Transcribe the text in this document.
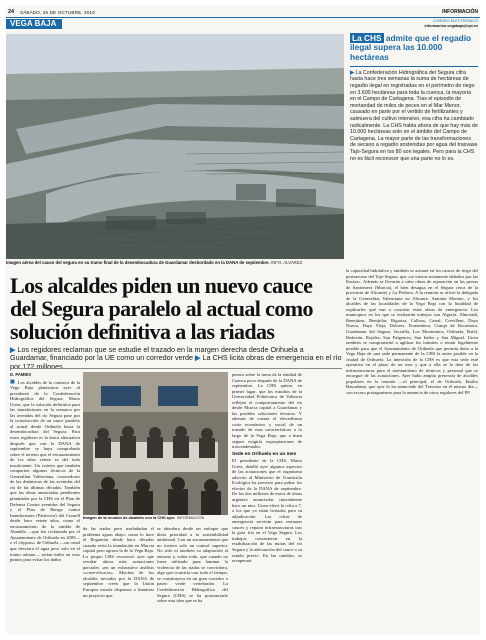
24 SÁBADO, 26 DE OCTUBRE, 2019	INFORMACIÓN
VEGA BAJA	CORREO ELECTRÓNICO
informacion.vegabaja@epi.es
Imagen aérea del cauce del segura en su tramo final de la desembocadura de Guardamar desbordado en la DANA de septiembre. INFO. ALVAREZ
La CHS admite que el regadío ilegal supera las 10.000 hectáreas
▶ La Confederación Hidrográfica del Segura cifra hasta hace tres semanas la suma de hectáreas de regadío ilegal en registradas en el perímetro de riego en 3.600 hectáreas para toda la cuenca, la mayoría en el Campo de Cartagena. Tras el episodio de mortandad de miles de peces en el Mar Menor, causado en parte por el vertido de fertilizantes y salmuera del cultivo intensivo, esa cifra ha cambiado radicalmente. La CHS habla ahora de que hay más de 10.000 hectáreas solo en el ámbito del Campo de Cartagena. La mayor parte de las transformaciones de secano a regadío sostenidas por agua del trasvase Tajo-Segura en los 80 son legales. Pero para la CHS no es fácil reconocer que una parte no lo es.
Los alcaldes piden un nuevo cauce del Segura paralelo al actual como solución definitiva a las riadas
▶ Los regidores reclaman que se estudie el trazado en la margen derecha desde Orihuela a Guardamar, financiado por la UE como un corredor verde ▶ La CHS licita obras de emergencia en el río por 172 millones
D. PAMIES
■ Los alcaldes de la comarca de la Vega Baja plantearon ayer al presidente de la Confederación Hidrográfica del Segura, Mario Urrea, que la solución definitiva para las inundaciones en la comarca por las avenidas del río Segura pase por la construcción de un cauce paralelo al actual desde Orihuela hasta la desembocadura del Segura. Para estos regidores es la única alternativa después que con la DANA de septiembre se haya comprobado sobre el terreno que el encauzamiento de los años veinte es del todo insuficiente. Un criterio que también comparten algunos técnicos de la Generalitat Valenciana, conocedores de las dinámicas de las avenidas del río de las últimas décadas. También que las obras anunciadas pendientes planteadas por la CHS en el Plan de Defensa Contra avenidas del Segura y el Plan de Riesgo contra Inundaciones (Patricova) del Consell desde hace veinte años, como el encauzamiento de la rambla de Abanilla —que fue reclamada por el Ayuntamiento de Orihuela en 2009— o el «bypass» de Orihuela —un canal que desviara el agua pero solo en el tramo urbano— serían útiles en esos puntos para evitar los daños
Imagen de la reunión de alcaldes con la CHS ayer. INFORMACIÓN
de las riadas pero trasladarían el problema aguas abajo: como lo hace el Reguerón desde hace décadas cuando evita la inundación en Murcia capital pero agrava la de la Vega Baja. Lo propio CHS reconoció ayer que resultar ahora más actuaciones parciales «en un exhaustivo análisis «coste-eficacia». Muchos de los alcaldes inviados por la DANA de septiembre creen que la Unión Europea estaría dispuesta a financiar un proyecto que
se abordara desde un enfoque que diera prioridad a la sostenibilidad ambiental. Con un encauzamiento que no tuviera solo un control superior. No sólo ni también su adaptación al entorno y, sobre todo, que cuando no fuera utilizado para laminar la violencia de las riadas se convirtiera, algo que ocurriría casi todo el tiempo, se constituyera en un gran corredor o paseo verde vertebrador. La Confederación Hidrográfica del Segura (CHS) se ha pronunciado sobre esta idea que se ha
puesto sobre la mesa de la entidad de Cuenca poco después de la DANA de septiembre. La CHS quiere, en primer lugar, que los estudios de la Universidad Politécnica de Valencia reflejen el comportamiento del río desde Murcia capital a Guardamar y las posibles soluciones técnicas. Y además de cuenta el elevadísimo coste económico y social de un trazado de esas características a lo largo de la Vega Baja, que a buen seguro exigiría expropiaciones de trascendentales.
Sede en Orihuela en un mes
El presidente de la CHS, Mario Urrea, detalló ayer algunos aspectos de las actuaciones que el organismo adscrito al Ministerio de Transición Ecológica ha previsto para paliar los efectos de la DANA de septiembre. De los dos millones de euros de obras urgentes anunciadas inicialmente hace un mes. Urrea elevó la cifra a 7, a los que ya están licitados para su adjudicación. Las cifras de emergencia servirán para restaurar cauces y reparar infraestructuras tras la gota fría en el Vega Segura. Los trabajos consistieron en la estabilización de las motas del río Segura y la adecuación del cauce a su estado previo. En las ramblas, se recuperará
la capacidad hidráulica y también se actuará en los cauces de riego del postrasvase del Tajo-Segura, que «se vieron seriamente dañados por las lluvias». Además se llevarán a cabo obras de reparación en las presas de Santomera (Murcia), el bien desagua en el Segura cerca de la provincia de Alicante) y La Pedrera. A la reunión se ofició la delegada de la Generalitat Valenciana en Alicante, Antonia Moreno, y los alcaldes de las localidades de la Vega Baja con la finalidad de explicarles qué van a consistir estas obras de emergencia. Los municipios en los que se realizarán trabajos son Algorfa, Almoradí, Benejúzar, Benijófar, Bigastra, Callosa, Catral, Crevillent, Daya Nueva, Daya Vieja, Dolores, Formentera, Granja de Rocamora, Guardamar del Segura, Jacarilla, Los Montesinos, Orihuela, Rafal, Redován, Rojales, San Fulgencio, San Isidro y San Miguel. Urrea también se comprometió a agilizar los trámites o reunir legalmente posible para que el Ayuntamiento de Orihuela que permita dotar a la Vega Baja de una sede permanente de la CHS la antes posible en la ciudad de Orihuela. La intención de la CHS es que esta sede esté operativa en el plazo de un mes y que a ella se la dote de las infraestructuras para el asentamiento de técnicos y personal que se encargue de las actuaciones. Ayer hubo amplia presencia de alcaldes populares en la reunión —el principal, el de Orihuela, Emilio Bascuñana, que ayer lo ha anunciado del Trasvase en él mismo día— con escaso protagonismo para la ausencia de otros regidores del PP.
